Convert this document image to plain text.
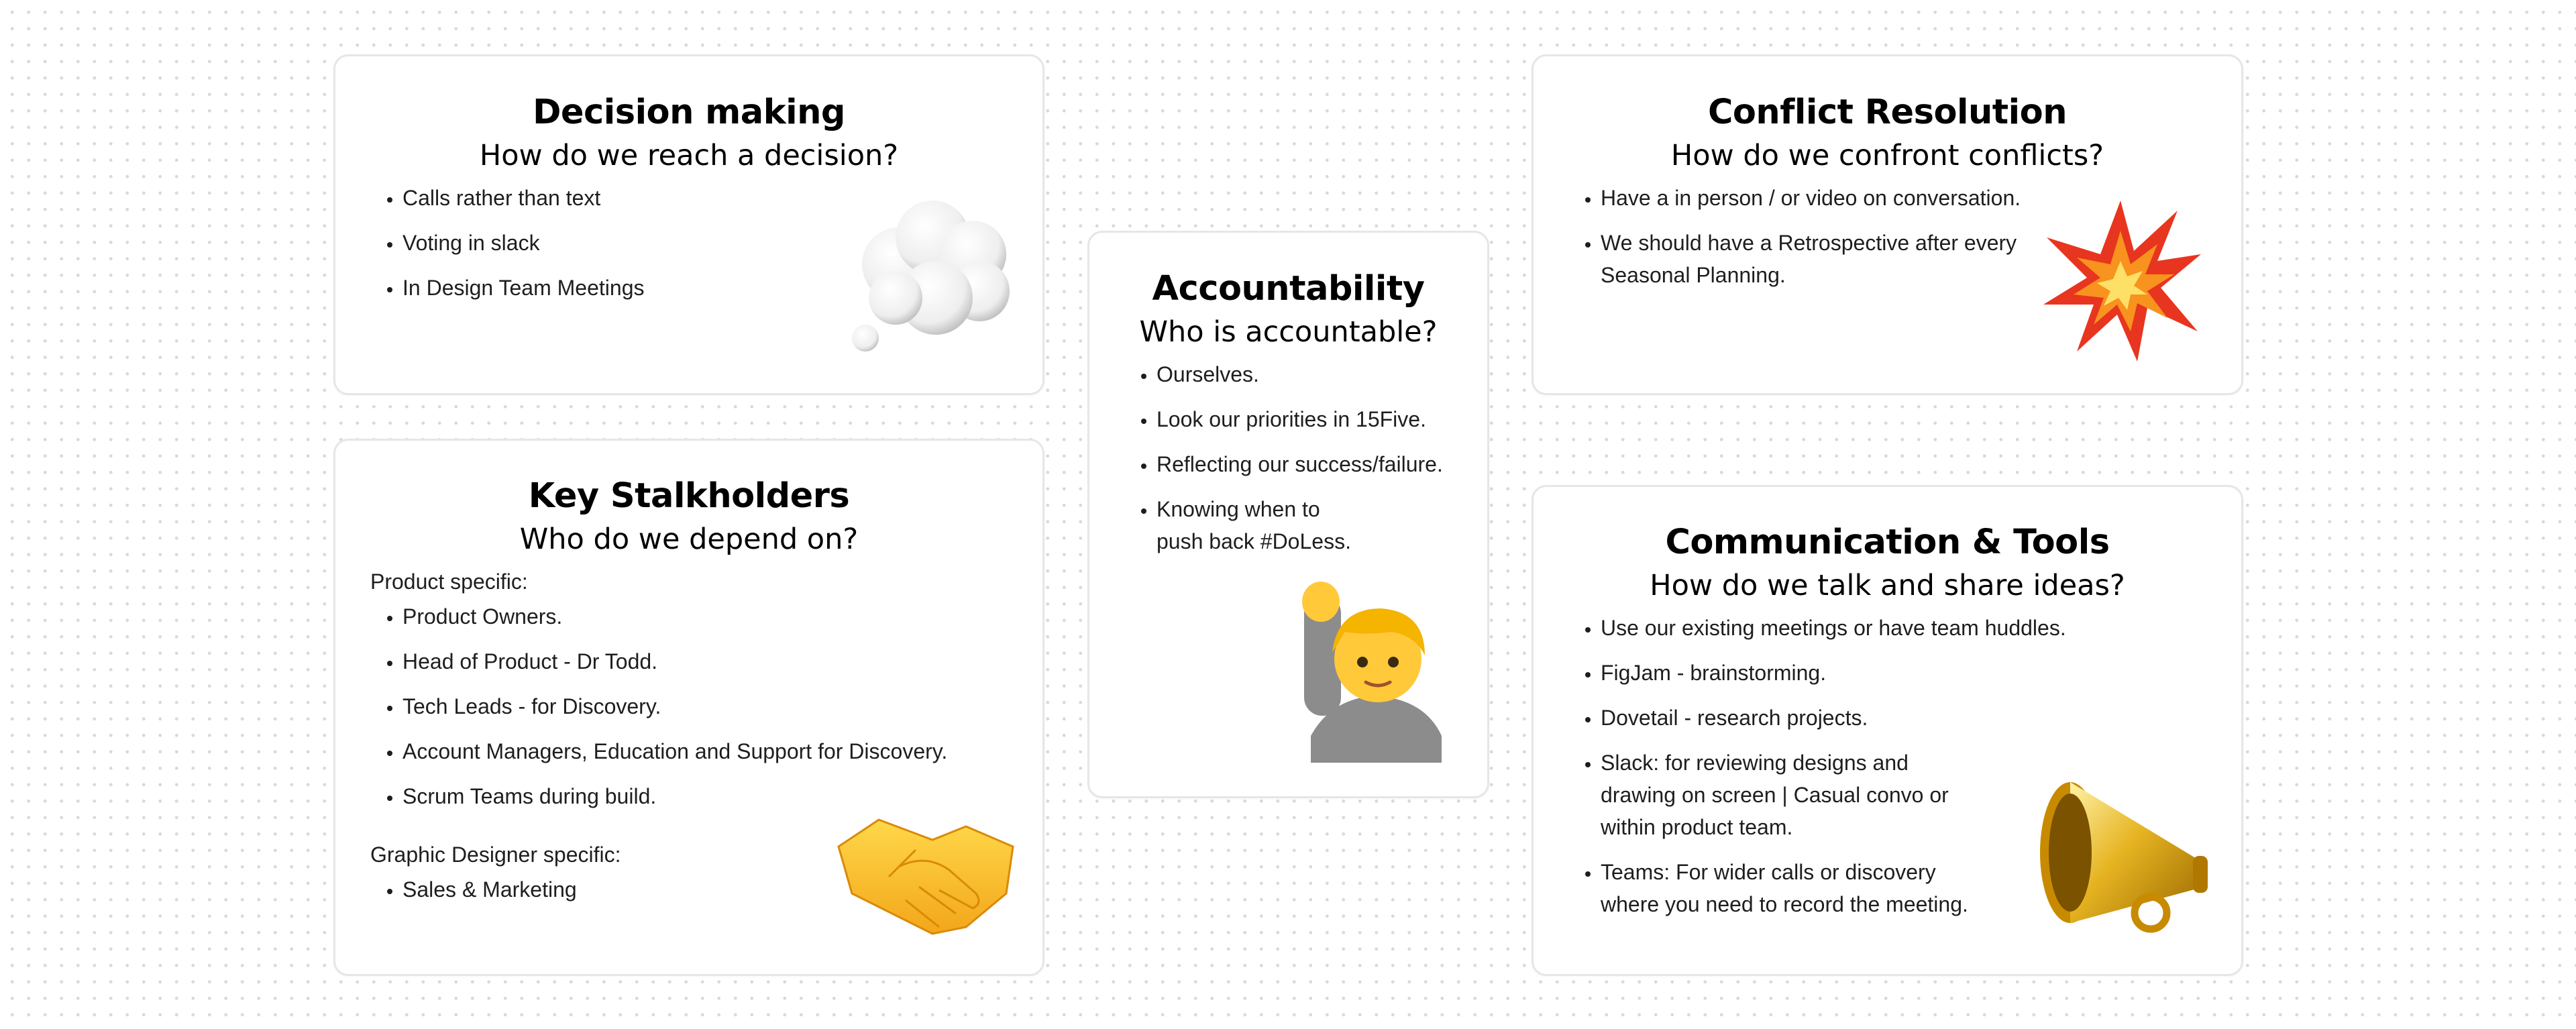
Decision making

How do we reach a decision?

• Calls rather than text
• Voting in slack
• In Design Team Meetings
Key Stalkholders

Who do we depend on?

Product specific:
• Product Owners.
• Head of Product - Dr Todd.
• Tech Leads - for Discovery.
• Account Managers, Education and Support for Discovery.
• Scrum Teams during build.
Graphic Designer specific:
• Sales & Marketing
Accountability

Who is accountable?

• Ourselves.
• Look our priorities in 15Five.
• Reflecting our success/failure.
• Knowing when to
push back #DoLess.
Conflict Resolution

How do we confront conflicts?

• Have a in person / or video on conversation.
• We should have a Retrospective after every
Seasonal Planning.
Communication & Tools

How do we talk and share ideas?

• Use our existing meetings or have team huddles.
• FigJam - brainstorming.
• Dovetail - research projects.
• Slack: for reviewing designs and
drawing on screen | Casual convo or
within product team.
• Teams: For wider calls or discovery
where you need to record the meeting.
